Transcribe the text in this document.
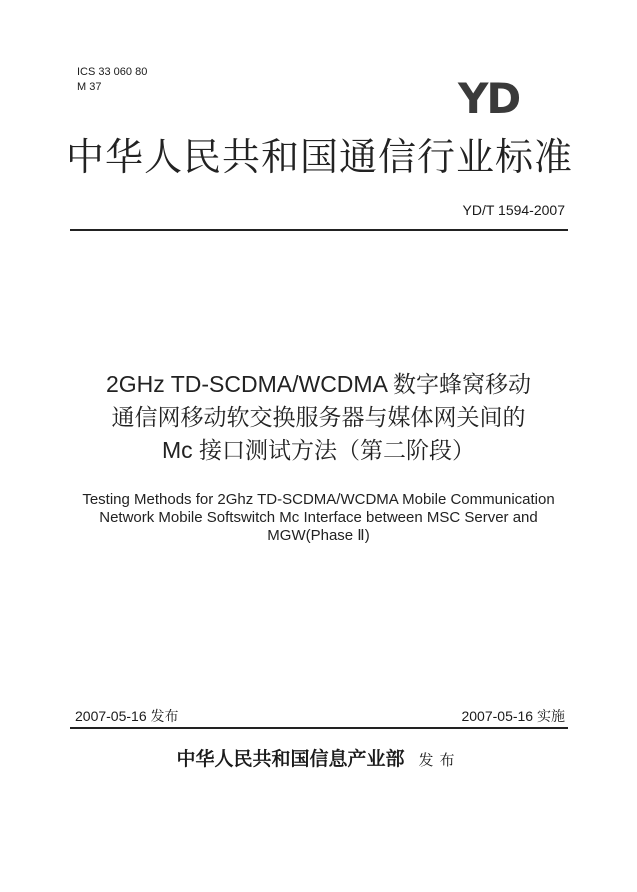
ICS 33 060 80
M 37	YD
中华人民共和国通信行业标准
YD/T 1594-2007
2GHz TD-SCDMA/WCDMA 数字蜂窝移动
通信网移动软交换服务器与媒体网关间的
Mc 接口测试方法（第二阶段）
Testing Methods for 2Ghz TD-SCDMA/WCDMA Mobile Communication
Network Mobile Softswitch Mc Interface between MSC Server and
MGW(Phase Ⅱ)
2007-05-16 发布	2007-05-16 实施
中华人民共和国信息产业部 发布
